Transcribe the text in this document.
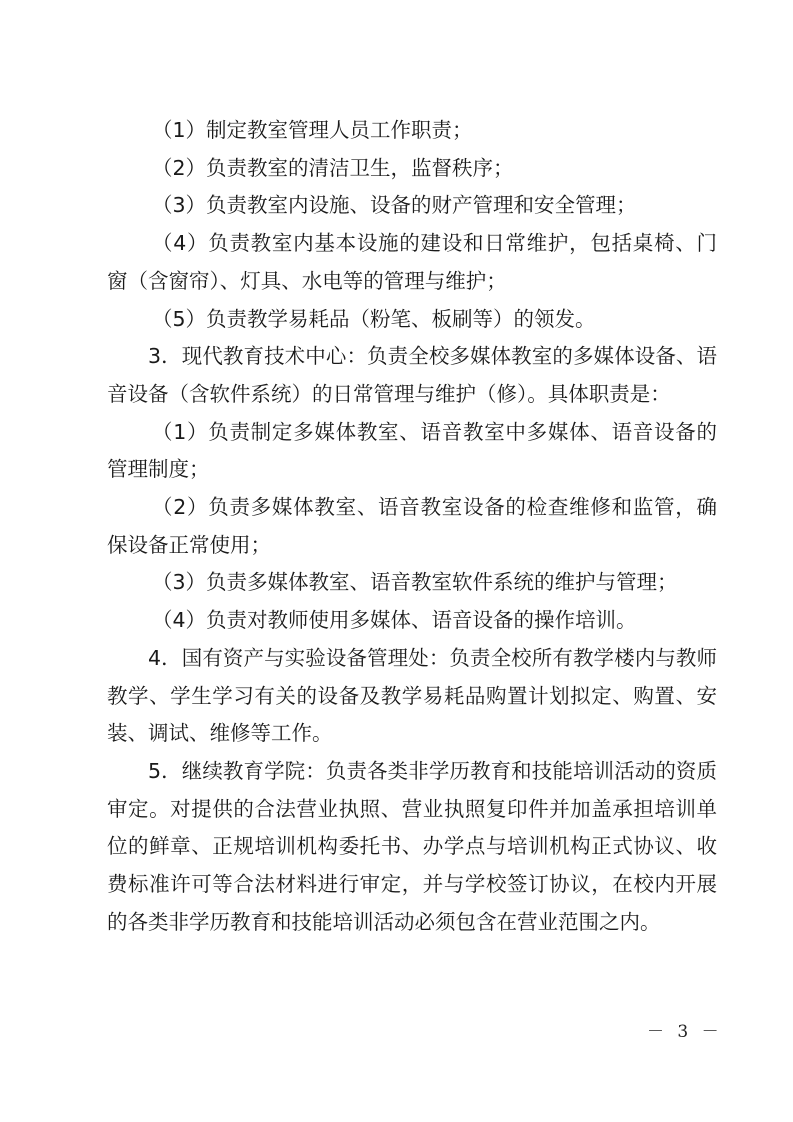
（1）制定教室管理人员工作职责；

（2）负责教室的清洁卫生，监督秩序；

（3）负责教室内设施、设备的财产管理和安全管理；

（4）负责教室内基本设施的建设和日常维护，包括桌椅、门窗（含窗帘）、灯具、水电等的管理与维护；

（5）负责教学易耗品（粉笔、板刷等）的领发。

3．现代教育技术中心：负责全校多媒体教室的多媒体设备、语音设备（含软件系统）的日常管理与维护（修）。具体职责是：

（1）负责制定多媒体教室、语音教室中多媒体、语音设备的管理制度；

（2）负责多媒体教室、语音教室设备的检查维修和监管，确保设备正常使用；

（3）负责多媒体教室、语音教室软件系统的维护与管理；

（4）负责对教师使用多媒体、语音设备的操作培训。

4．国有资产与实验设备管理处：负责全校所有教学楼内与教师教学、学生学习有关的设备及教学易耗品购置计划拟定、购置、安装、调试、维修等工作。

5．继续教育学院：负责各类非学历教育和技能培训活动的资质审定。对提供的合法营业执照、营业执照复印件并加盖承担培训单位的鲜章、正规培训机构委托书、办学点与培训机构正式协议、收费标准许可等合法材料进行审定，并与学校签订协议，在校内开展的各类非学历教育和技能培训活动必须包含在营业范围之内。

－ 3 －
